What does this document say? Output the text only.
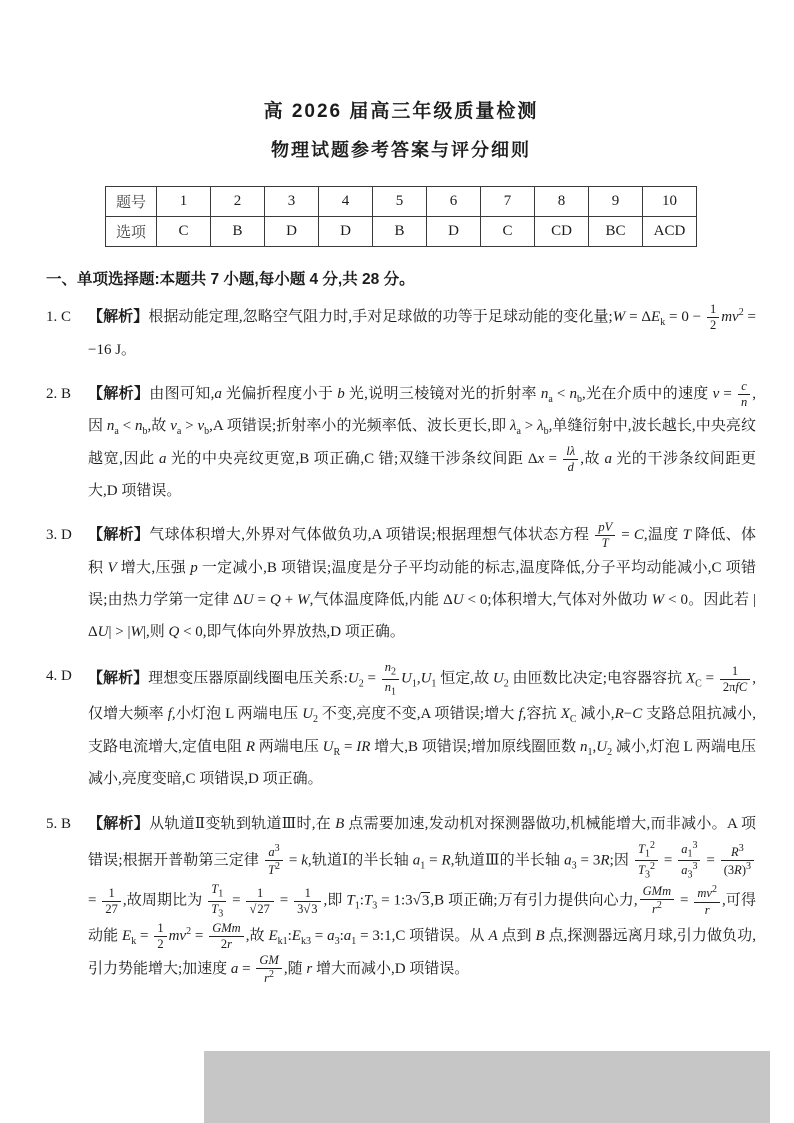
高 2026 届高三年级质量检测
物理试题参考答案与评分细则
题号	1	2	3	4	5	6	7	8	9	10
选项	C	B	D	D	B	D	C	CD	BC	ACD
一、单项选择题:本题共 7 小题,每小题 4 分,共 28 分。
1. C	【解析】根据动能定理,忽略空气阻力时,手对足球做的功等于足球动能的变化量;W = $\Delta E_k = 0 - \frac{1}{2} mv^2 = -16$ J。
2. B	【解析】由图可知,a 光偏折程度小于 b 光,说明三棱镜对光的折射率 $n_a < n_b$,光在介质中的速度 $v = \frac{c}{n}$ ,因 $n_a < n_b$,故 $v_a > v_b,A$ 项错误;折射率小的光频率低、波长更长,即 $\lambda_a > \lambda_b$,单缝衍射中,波长越长,中央亮纹越宽,因此 a 光的中央亮纹更宽,B 项正确,C 错;双缝干涉条纹间距 $\Delta x = \frac{l\lambda}{d}$ ,故 a 光的干涉条纹间距更大,D 项错误。
3. D	【解析】气球体积增大,外界对气体做负功,A 项错误;根据理想气体状态方程 $\frac{pV}{T} = C$,温度 T 降低、体积 V 增大,压强 p 一定减小,B 项错误;温度是分子平均动能的标志,温度降低,分子平均动能减小,C 项错误;由热力学第一定律 ΔU = Q + W,气体温度降低,内能 ΔU < 0;体积增大,气体对外做功 W < 0。因此若 |ΔU| > |W|,则 Q < 0,即气体向外界放热,D 项正确。
4. D	【解析】理想变压器原副线圈电压关系$:U_2 = \frac{n_2}{n_1} U_1,U_1$ 恒定,故 $U_2$ 由匝数比决定;电容器容抗 $X_C = \frac{1}{\text{2πfC}}$ ,仅增大频率 f,小灯泡 L 两端电压 $U_2$ 不变,亮度不变,A 项错误;增大 f,容抗 $X_C$ 减小,R−C 支路总阻抗减小,支路电流增大,定值电阻 R 两端电压 $U_R$ = IR 增大,B 项错误;增加原线圈匝数 $n_1,U_2$ 减小,灯泡 L 两端电压减小,亮度变暗,C 项错误,D 项正确。
5. B	【解析】从轨道Ⅱ变轨到轨道Ⅲ时,在 B 点需要加速,发动机对探测器做功,机械能增大,而非减小。A 项错误;根据开普勒第三定律 $\frac{a^3}{T^2} = k$,轨道Ⅰ的半长轴 $a_1 = R$,轨道Ⅲ的半长轴 $a_3 = 3R$;因 $\frac{T_1^2}{T_3^2} = \frac{a_1^3}{a_3^3} = \frac{R^3}{(3R)^3}$
= $\frac{1}{27}$ ,故周期比为 $\frac{T_1}{T_3} = \frac{1}{√27} = \frac{1}{3√3}$ ,即 $T_1:T_3$ = 1:3√3,B 项正确;万有引力提供向心力, $\frac{\text{GMm}}{r^2} = \frac{mv^2}{r}$ ,可得动能 $E_k = \frac{1}{2} mv^2 = \frac{\text{GMm}}{2r}$ ,故 $E_{k1}:E_{k3}$ = $a_3:a_1$ = 3:1,C 项错误。从 A 点到 B 点,探测器远离月球,引力做负功,引力势能增大;加速度 $a = \frac{GM}{r^2}$ ,随 r 增大而减小,D 项错误。
